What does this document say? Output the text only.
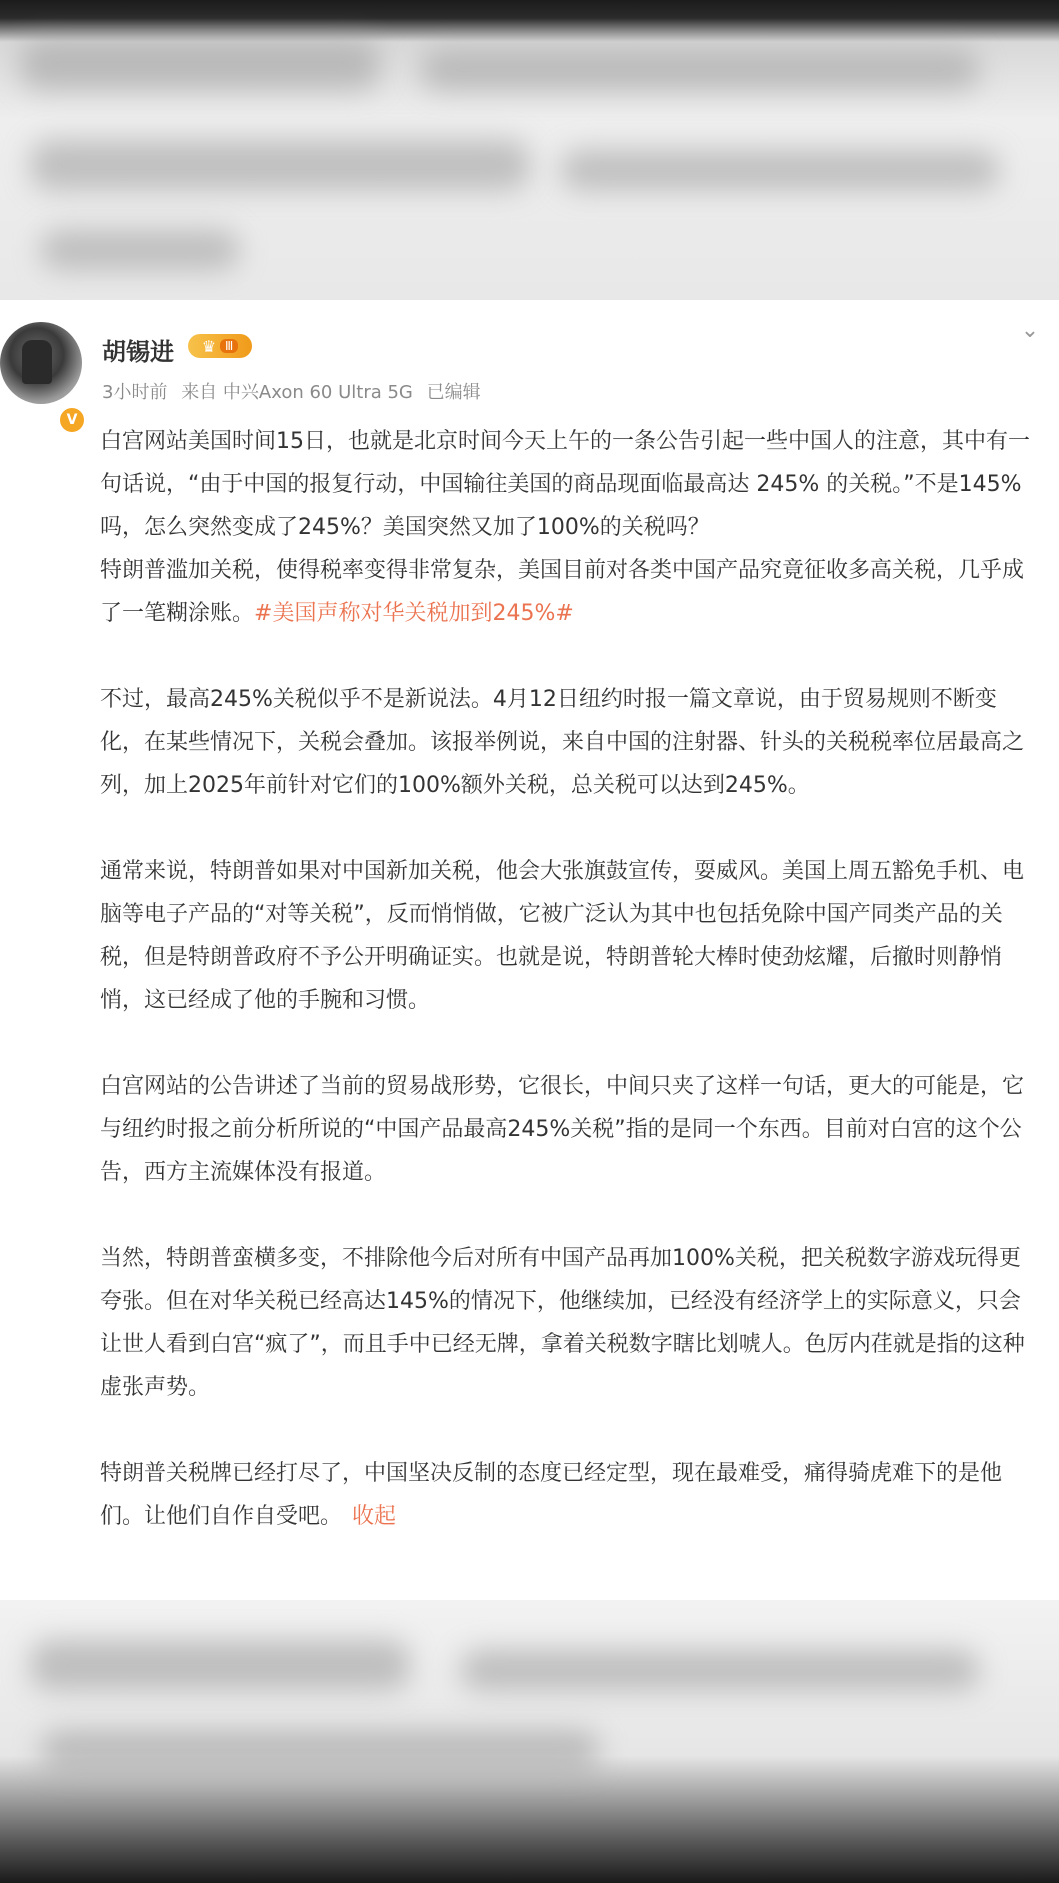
V
胡锡进 ♛ Ⅲ
⌄
3小时前 来自 中兴Axon 60 Ultra 5G 已编辑

白宫网站美国时间15日，也就是北京时间今天上午的一条公告引起一些中国人的注意，其中有一句话说，“由于中国的报复行动，中国输往美国的商品现面临最高达 245% 的关税。”不是145%吗，怎么突然变成了245%？美国突然又加了100%的关税吗？

特朗普滥加关税，使得税率变得非常复杂，美国目前对各类中国产品究竟征收多高关税，几乎成了一笔糊涂账。#美国声称对华关税加到245%#

不过，最高245%关税似乎不是新说法。4月12日纽约时报一篇文章说，由于贸易规则不断变化，在某些情况下，关税会叠加。该报举例说，来自中国的注射器、针头的关税税率位居最高之列，加上2025年前针对它们的100%额外关税，总关税可以达到245%。

通常来说，特朗普如果对中国新加关税，他会大张旗鼓宣传，耍威风。美国上周五豁免手机、电脑等电子产品的“对等关税”，反而悄悄做，它被广泛认为其中也包括免除中国产同类产品的关税，但是特朗普政府不予公开明确证实。也就是说，特朗普轮大棒时使劲炫耀，后撤时则静悄悄，这已经成了他的手腕和习惯。

白宫网站的公告讲述了当前的贸易战形势，它很长，中间只夹了这样一句话，更大的可能是，它与纽约时报之前分析所说的“中国产品最高245%关税”指的是同一个东西。目前对白宫的这个公告，西方主流媒体没有报道。

当然，特朗普蛮横多变，不排除他今后对所有中国产品再加100%关税，把关税数字游戏玩得更夸张。但在对华关税已经高达145%的情况下，他继续加，已经没有经济学上的实际意义，只会让世人看到白宫“疯了”，而且手中已经无牌，拿着关税数字瞎比划唬人。色厉内荏就是指的这种虚张声势。

特朗普关税牌已经打尽了，中国坚决反制的态度已经定型，现在最难受，痛得骑虎难下的是他们。让他们自作自受吧。 收起
